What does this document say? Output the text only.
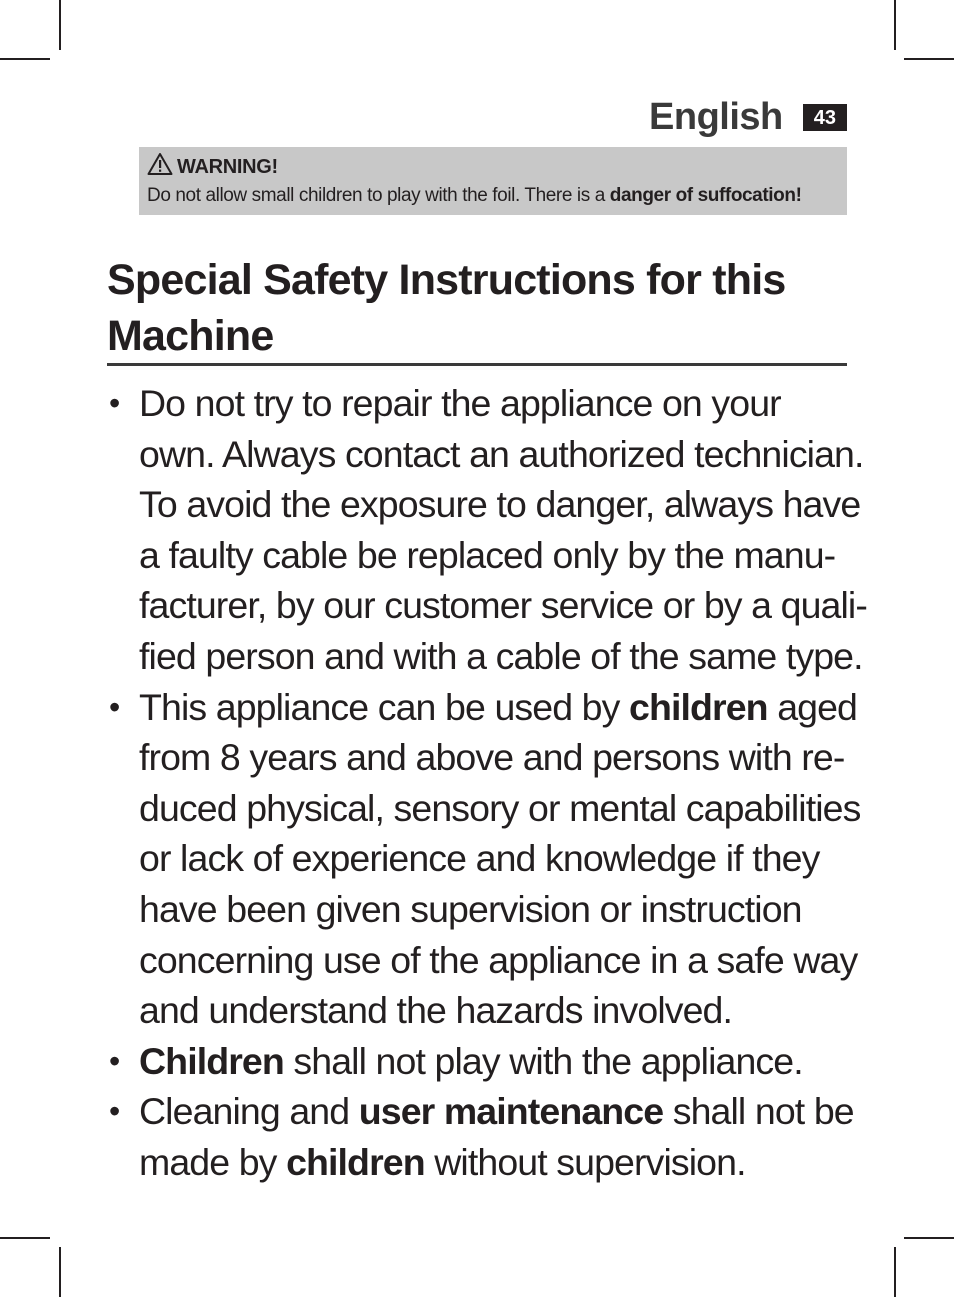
English	43
WARNING!
Do not allow small children to play with the foil. There is a danger of suffocation!
Special Safety Instructions for this
Machine
• Do not try to repair the appliance on your
own. Always contact an authorized technician.
To avoid the exposure to danger, always have
a faulty cable be replaced only by the manu-
facturer, by our customer service or by a quali-
fied person and with a cable of the same type.
• This appliance can be used by children aged
from 8 years and above and persons with re-
duced physical, sensory or mental capabilities
or lack of experience and knowledge if they
have been given supervision or instruction
concerning use of the appliance in a safe way
and understand the hazards involved.
• Children shall not play with the appliance.
• Cleaning and user maintenance shall not be
made by children without supervision.
